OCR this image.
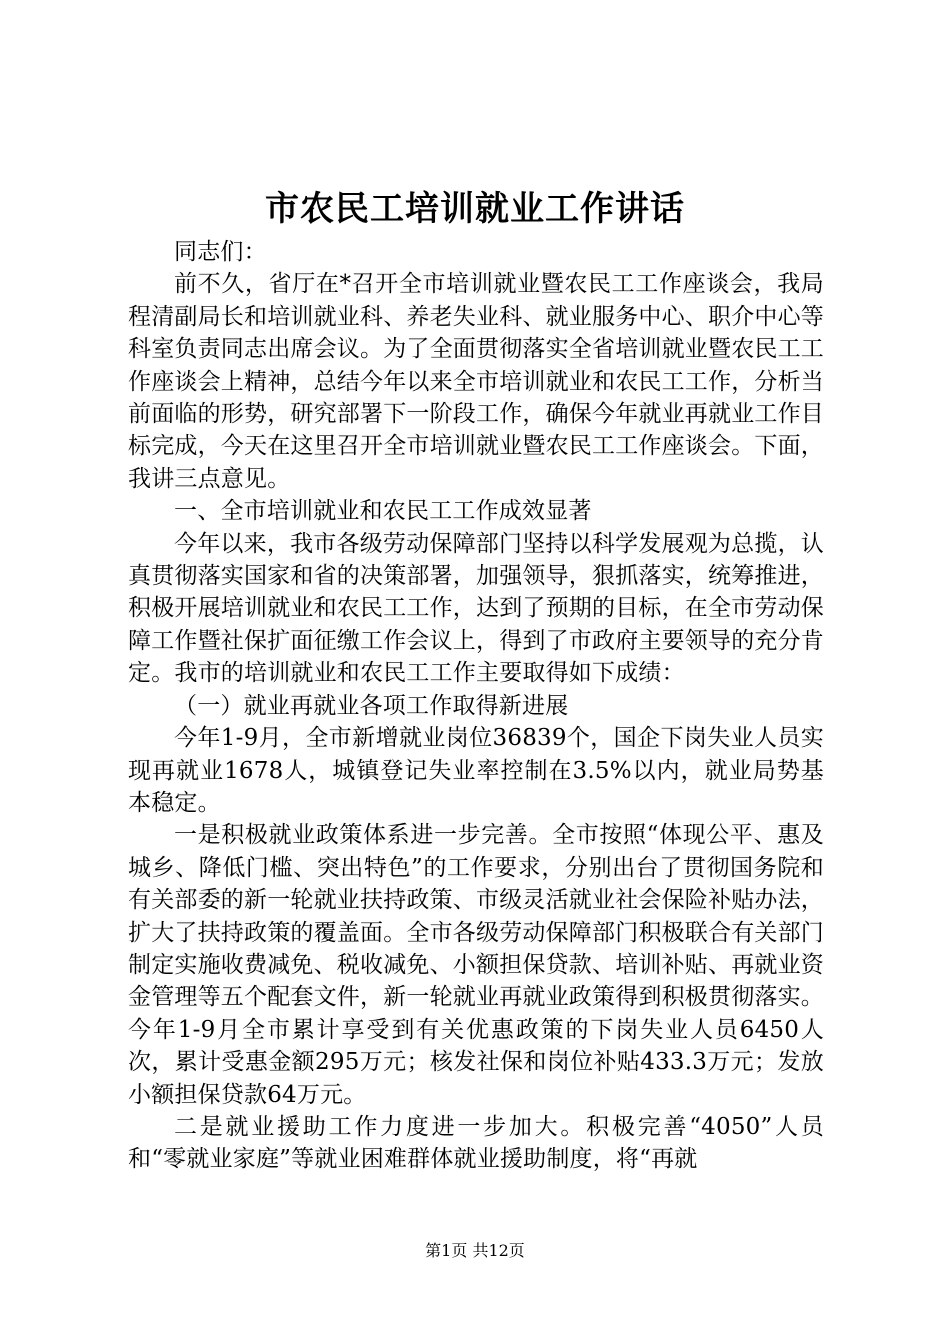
市农民工培训就业工作讲话

同志们：

前不久，省厅在*召开全市培训就业暨农民工工作座谈会，我局程清副局长和培训就业科、养老失业科、就业服务中心、职介中心等科室负责同志出席会议。为了全面贯彻落实全省培训就业暨农民工工作座谈会上精神，总结今年以来全市培训就业和农民工工作，分析当前面临的形势，研究部署下一阶段工作，确保今年就业再就业工作目标完成，今天在这里召开全市培训就业暨农民工工作座谈会。下面，我讲三点意见。

一、全市培训就业和农民工工作成效显著

今年以来，我市各级劳动保障部门坚持以科学发展观为总揽，认真贯彻落实国家和省的决策部署，加强领导，狠抓落实，统筹推进，积极开展培训就业和农民工工作，达到了预期的目标，在全市劳动保障工作暨社保扩面征缴工作会议上，得到了市政府主要领导的充分肯定。我市的培训就业和农民工工作主要取得如下成绩：

（一）就业再就业各项工作取得新进展

今年1-9月，全市新增就业岗位36839个，国企下岗失业人员实现再就业1678人，城镇登记失业率控制在3.5%以内，就业局势基本稳定。

一是积极就业政策体系进一步完善。全市按照“体现公平、惠及城乡、降低门槛、突出特色”的工作要求，分别出台了贯彻国务院和有关部委的新一轮就业扶持政策、市级灵活就业社会保险补贴办法，扩大了扶持政策的覆盖面。全市各级劳动保障部门积极联合有关部门制定实施收费减免、税收减免、小额担保贷款、培训补贴、再就业资金管理等五个配套文件，新一轮就业再就业政策得到积极贯彻落实。今年1-9月全市累计享受到有关优惠政策的下岗失业人员6450人次，累计受惠金额295万元；核发社保和岗位补贴433.3万元；发放小额担保贷款64万元。

二是就业援助工作力度进一步加大。积极完善“4050”人员和“零就业家庭”等就业困难群体就业援助制度，将“再就

第1页 共12页
